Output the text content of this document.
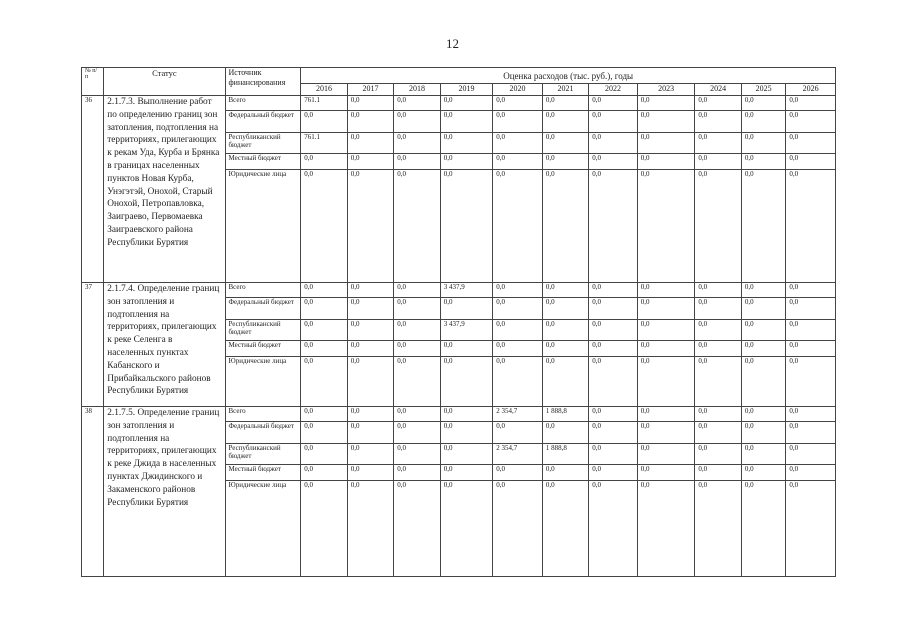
12
№ п/п	Статус	Источник финансирования	Оценка расходов (тыс. руб.), годы										
			2016	2017	2018	2019	2020	2021	2022	2023	2024	2025	2026
36	2.1.7.3. Выполнение работ по определению границ зон затопления, подтопления на территориях, прилегающих к рекам Уда, Курба и Брянка в границах населенных пунктов Новая Курба, Унэгэтэй, Онохой, Старый Онохой, Петропавловка, Заиграево, Первомаевка Заиграевского района Республики Бурятия	Всего	761.1	0,0	0,0	0,0	0,0	0,0	0,0	0,0	0,0	0,0	0,0
		Федеральный бюджет	0,0	0,0	0,0	0,0	0,0	0,0	0,0	0,0	0,0	0,0	0,0
		Республиканский бюджет	761.1	0,0	0,0	0,0	0,0	0,0	0,0	0,0	0,0	0,0	0,0
		Местный бюджет	0,0	0,0	0,0	0,0	0,0	0,0	0,0	0,0	0,0	0,0	0,0
		Юридические лица	0,0	0,0	0,0	0,0	0,0	0,0	0,0	0,0	0,0	0,0	0,0
37	2.1.7.4. Определение границ зон затопления и подтопления на территориях, прилегающих к реке Селенга в населенных пунктах Кабанского и Прибайкальского районов Республики Бурятия	Всего	0,0	0,0	0,0	3 437,9	0,0	0,0	0,0	0,0	0,0	0,0	0,0
		Федеральный бюджет	0,0	0,0	0,0	0,0	0,0	0,0	0,0	0,0	0,0	0,0	0,0
		Республиканский бюджет	0,0	0,0	0,0	3 437,9	0,0	0,0	0,0	0,0	0,0	0,0	0,0
		Местный бюджет	0,0	0,0	0,0	0,0	0,0	0,0	0,0	0,0	0,0	0,0	0,0
		Юридические лица	0,0	0,0	0,0	0,0	0,0	0,0	0,0	0,0	0,0	0,0	0,0
38	2.1.7.5. Определение границ зон затопления и подтопления на территориях, прилегающих к реке Джида в населенных пунктах Джидинского и Закаменского районов Республики Бурятия	Всего	0,0	0,0	0,0	0,0	2 354,7	1 888,8	0,0	0,0	0,0	0,0	0,0
		Федеральный бюджет	0,0	0,0	0,0	0,0	0,0	0,0	0,0	0,0	0,0	0,0	0,0
		Республиканский бюджет	0,0	0,0	0,0	0,0	2 354,7	1 888,8	0,0	0,0	0,0	0,0	0,0
		Местный бюджет	0,0	0,0	0,0	0,0	0,0	0,0	0,0	0,0	0,0	0,0	0,0
		Юридические лица	0,0	0,0	0,0	0,0	0,0	0,0	0,0	0,0	0,0	0,0	0,0
